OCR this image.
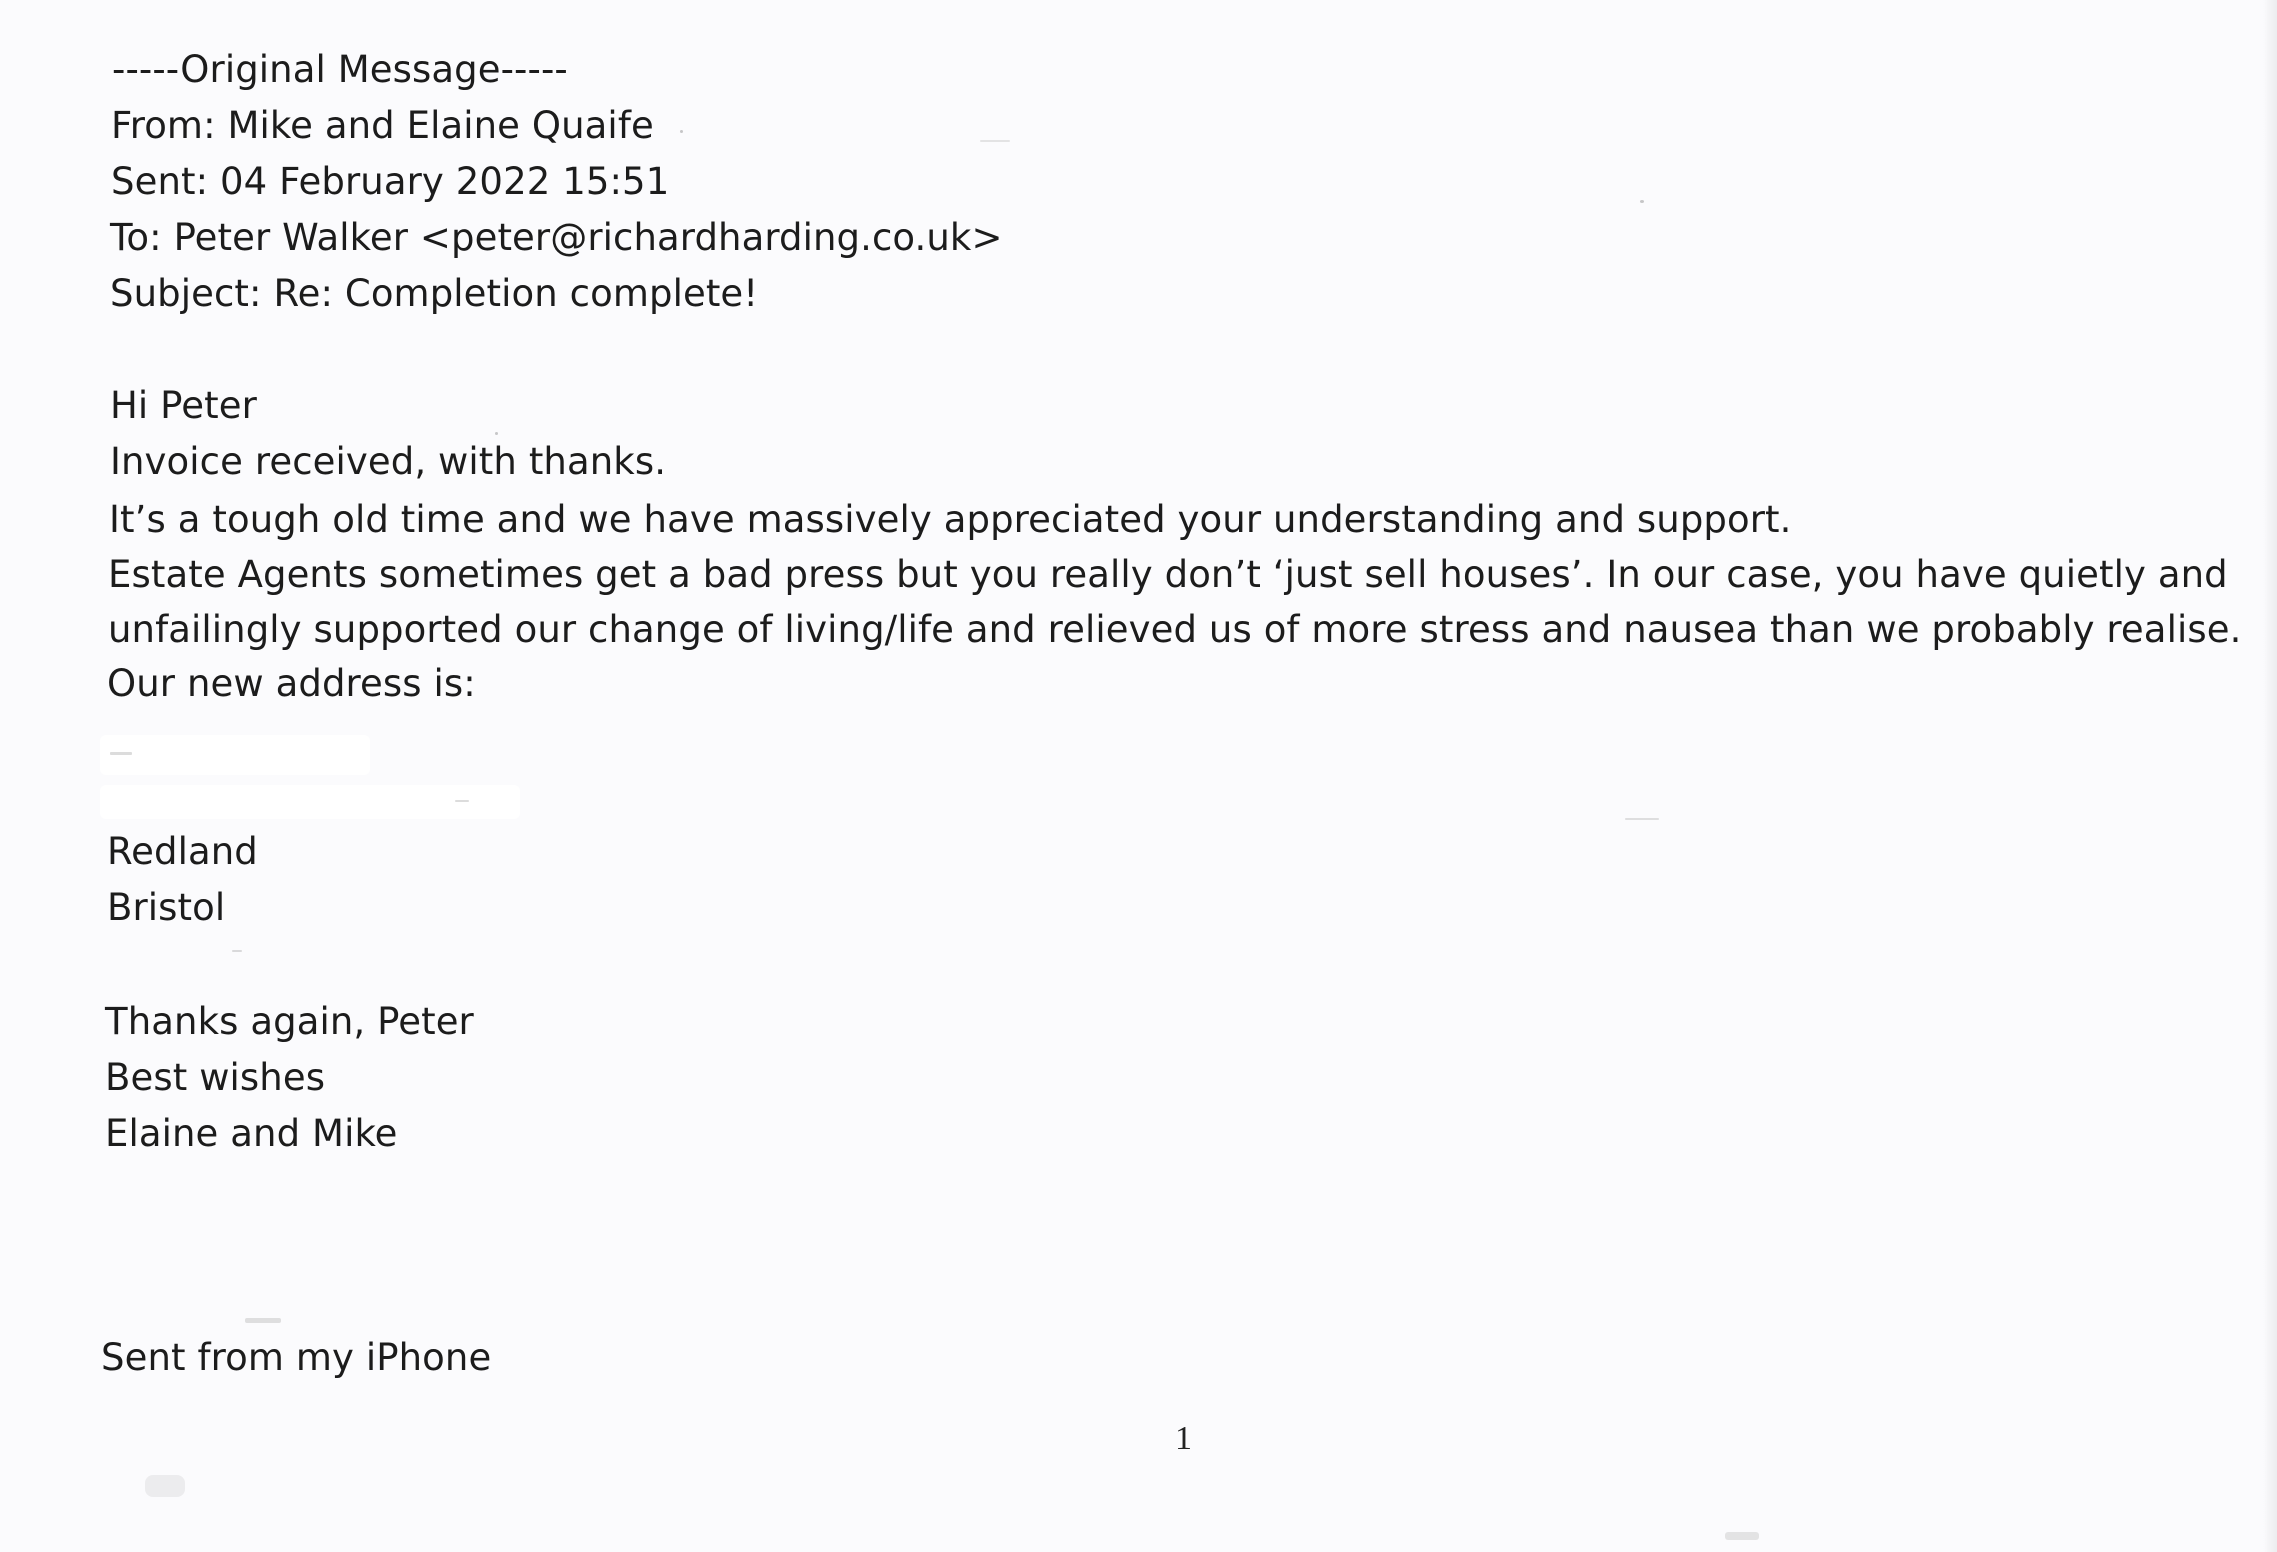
-----Original Message-----
From: Mike and Elaine Quaife
Sent: 04 February 2022 15:51
To: Peter Walker <peter@richardharding.co.uk>
Subject: Re: Completion complete!
Hi Peter
Invoice received, with thanks.
It’s a tough old time and we have massively appreciated your understanding and support.
Estate Agents sometimes get a bad press but you really don’t ‘just sell houses’. In our case, you have quietly and
unfailingly supported our change of living/life and relieved us of more stress and nausea than we probably realise.
Our new address is:
Redland
Bristol
Thanks again, Peter
Best wishes
Elaine and Mike
Sent from my iPhone
1
